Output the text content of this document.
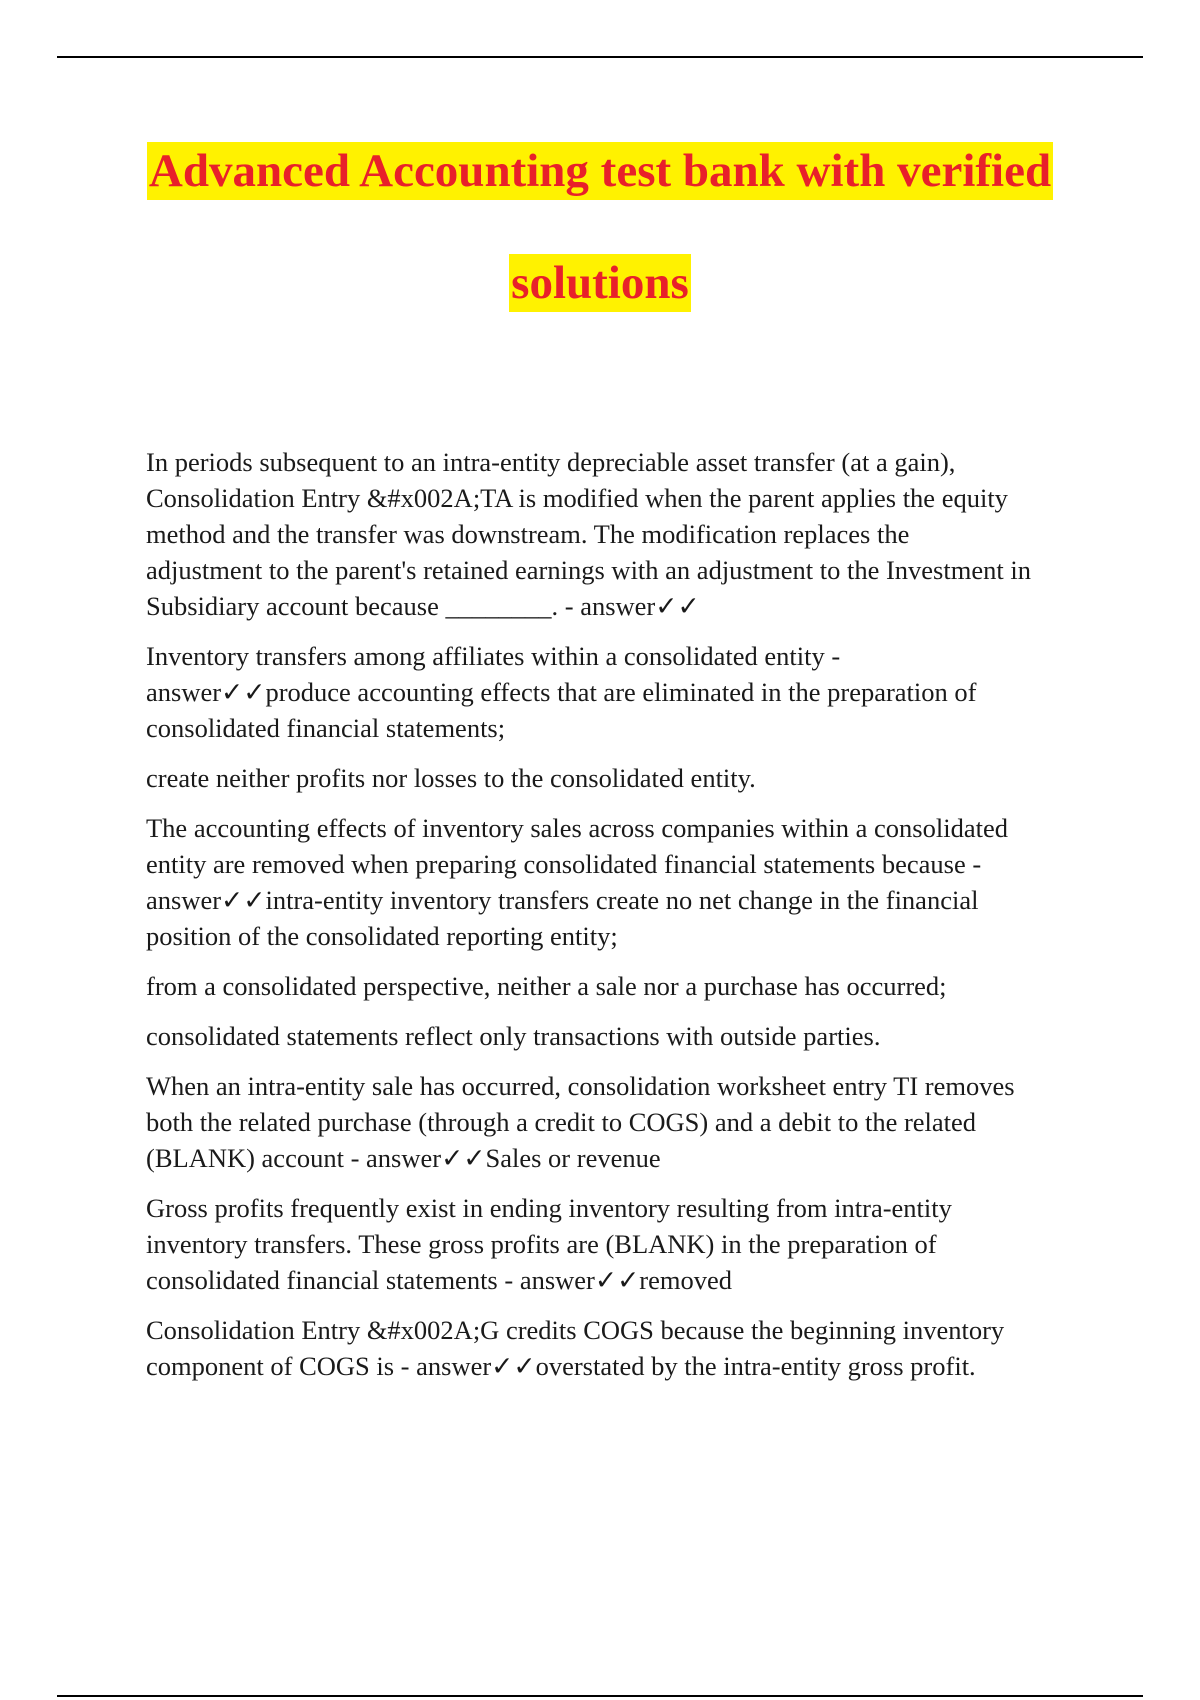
Advanced Accounting test bank with verified
solutions

In periods subsequent to an intra-entity depreciable asset transfer (at a gain),
Consolidation Entry &#x002A;TA is modified when the parent applies the equity
method and the transfer was downstream. The modification replaces the
adjustment to the parent's retained earnings with an adjustment to the Investment in
Subsidiary account because ________. - answer✓✓

Inventory transfers among affiliates within a consolidated entity -
answer✓✓produce accounting effects that are eliminated in the preparation of
consolidated financial statements;

create neither profits nor losses to the consolidated entity.

The accounting effects of inventory sales across companies within a consolidated
entity are removed when preparing consolidated financial statements because -
answer✓✓intra-entity inventory transfers create no net change in the financial
position of the consolidated reporting entity;

from a consolidated perspective, neither a sale nor a purchase has occurred;

consolidated statements reflect only transactions with outside parties.

When an intra-entity sale has occurred, consolidation worksheet entry TI removes
both the related purchase (through a credit to COGS) and a debit to the related
(BLANK) account - answer✓✓Sales or revenue

Gross profits frequently exist in ending inventory resulting from intra-entity
inventory transfers. These gross profits are (BLANK) in the preparation of
consolidated financial statements - answer✓✓removed

Consolidation Entry &#x002A;G credits COGS because the beginning inventory
component of COGS is - answer✓✓overstated by the intra-entity gross profit.
